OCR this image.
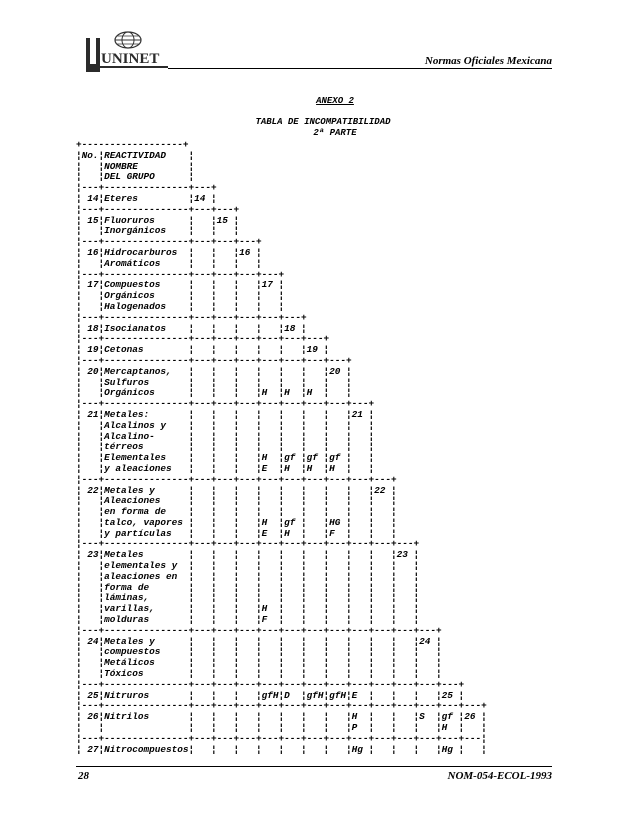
UNINET	Normas Oficiales Mexicana
ANEXO 2
TABLA DE INCOMPATIBILIDAD
2ª PARTE
+------------------+
¦No.¦REACTIVIDAD    ¦
¦   ¦NOMBRE         ¦
¦   ¦DEL GRUPO      ¦
¦---+---------------+---+
¦ 14¦Eteres         ¦14 ¦
¦---+---------------+---+---+
¦ 15¦Fluoruros      ¦   ¦15 ¦
¦   ¦Inorgánicos    ¦   ¦   ¦
¦---+---------------+---+---+---+
¦ 16¦Hidrocarburos  ¦   ¦   ¦16 ¦
¦   ¦Aromáticos     ¦   ¦   ¦   ¦
¦---+---------------+---+---+---+---+
¦ 17¦Compuestos     ¦   ¦   ¦   ¦17 ¦
¦   ¦Orgánicos      ¦   ¦   ¦   ¦   ¦
¦   ¦Halogenados    ¦   ¦   ¦   ¦   ¦
¦---+---------------+---+---+---+---+---+
¦ 18¦Isocianatos    ¦   ¦   ¦   ¦   ¦18 ¦
¦---+---------------+---+---+---+---+---+---+
¦ 19¦Cetonas        ¦   ¦   ¦   ¦   ¦   ¦19 ¦
¦---+---------------+---+---+---+---+---+---+---+
¦ 20¦Mercaptanos,   ¦   ¦   ¦   ¦   ¦   ¦   ¦20 ¦
¦   ¦Sulfuros       ¦   ¦   ¦   ¦   ¦   ¦   ¦   ¦
¦   ¦Orgánicos      ¦   ¦   ¦   ¦H  ¦H  ¦H  ¦   ¦
¦---+---------------+---+---+---+---+---+---+---+---+
¦ 21¦Metales:       ¦   ¦   ¦   ¦   ¦   ¦   ¦   ¦21 ¦
¦   ¦Alcalinos y    ¦   ¦   ¦   ¦   ¦   ¦   ¦   ¦   ¦
¦   ¦Alcalino-      ¦   ¦   ¦   ¦   ¦   ¦   ¦   ¦   ¦
¦   ¦térreos        ¦   ¦   ¦   ¦   ¦   ¦   ¦   ¦   ¦
¦   ¦Elementales    ¦   ¦   ¦   ¦H  ¦gf ¦gf ¦gf ¦   ¦
¦   ¦y aleaciones   ¦   ¦   ¦   ¦E  ¦H  ¦H  ¦H  ¦   ¦
¦---+---------------+---+---+---+---+---+---+---+---+---+
¦ 22¦Metales y      ¦   ¦   ¦   ¦   ¦   ¦   ¦   ¦   ¦22 ¦
¦   ¦Aleaciones     ¦   ¦   ¦   ¦   ¦   ¦   ¦   ¦   ¦   ¦
¦   ¦en forma de    ¦   ¦   ¦   ¦   ¦   ¦   ¦   ¦   ¦   ¦
¦   ¦talco, vapores ¦   ¦   ¦   ¦H  ¦gf ¦   ¦HG ¦   ¦   ¦
¦   ¦y partículas   ¦   ¦   ¦   ¦E  ¦H  ¦   ¦F  ¦   ¦   ¦
¦---+---------------+---+---+---+---+---+---+---+---+---+---+
¦ 23¦Metales        ¦   ¦   ¦   ¦   ¦   ¦   ¦   ¦   ¦   ¦23 ¦
¦   ¦elementales y  ¦   ¦   ¦   ¦   ¦   ¦   ¦   ¦   ¦   ¦   ¦
¦   ¦aleaciones en  ¦   ¦   ¦   ¦   ¦   ¦   ¦   ¦   ¦   ¦   ¦
¦   ¦forma de       ¦   ¦   ¦   ¦   ¦   ¦   ¦   ¦   ¦   ¦   ¦
¦   ¦láminas,       ¦   ¦   ¦   ¦   ¦   ¦   ¦   ¦   ¦   ¦   ¦
¦   ¦varillas,      ¦   ¦   ¦   ¦H  ¦   ¦   ¦   ¦   ¦   ¦   ¦
¦   ¦molduras       ¦   ¦   ¦   ¦F  ¦   ¦   ¦   ¦   ¦   ¦   ¦
¦---+---------------+---+---+---+---+---+---+---+---+---+---+---+
¦ 24¦Metales y      ¦   ¦   ¦   ¦   ¦   ¦   ¦   ¦   ¦   ¦   ¦24 ¦
¦   ¦compuestos     ¦   ¦   ¦   ¦   ¦   ¦   ¦   ¦   ¦   ¦   ¦   ¦
¦   ¦Metálicos      ¦   ¦   ¦   ¦   ¦   ¦   ¦   ¦   ¦   ¦   ¦   ¦
¦   ¦Tóxicos        ¦   ¦   ¦   ¦   ¦   ¦   ¦   ¦   ¦   ¦   ¦   ¦
¦---+---------------+---+---+---+---+---+---+---+---+---+---+---+---+
¦ 25¦Nitruros       ¦   ¦   ¦   ¦gfH¦D  ¦gfH¦gfH¦E  ¦   ¦   ¦   ¦25 ¦
¦---+---------------+---+---+---+---+---+---+---+---+---+---+---+---+---+
¦ 26¦Nitrilos       ¦   ¦   ¦   ¦   ¦   ¦   ¦   ¦H  ¦   ¦   ¦S  ¦gf ¦26 ¦
¦   ¦               ¦   ¦   ¦   ¦   ¦   ¦   ¦   ¦P  ¦   ¦   ¦   ¦H  ¦   ¦
¦---+---------------+---+---+---+---+---+---+---+---+---+---+---+---+---¦
¦ 27¦Nitrocompuestos¦   ¦   ¦   ¦   ¦   ¦   ¦   ¦Hg ¦   ¦   ¦   ¦Hg ¦   ¦
28	NOM-054-ECOL-1993
